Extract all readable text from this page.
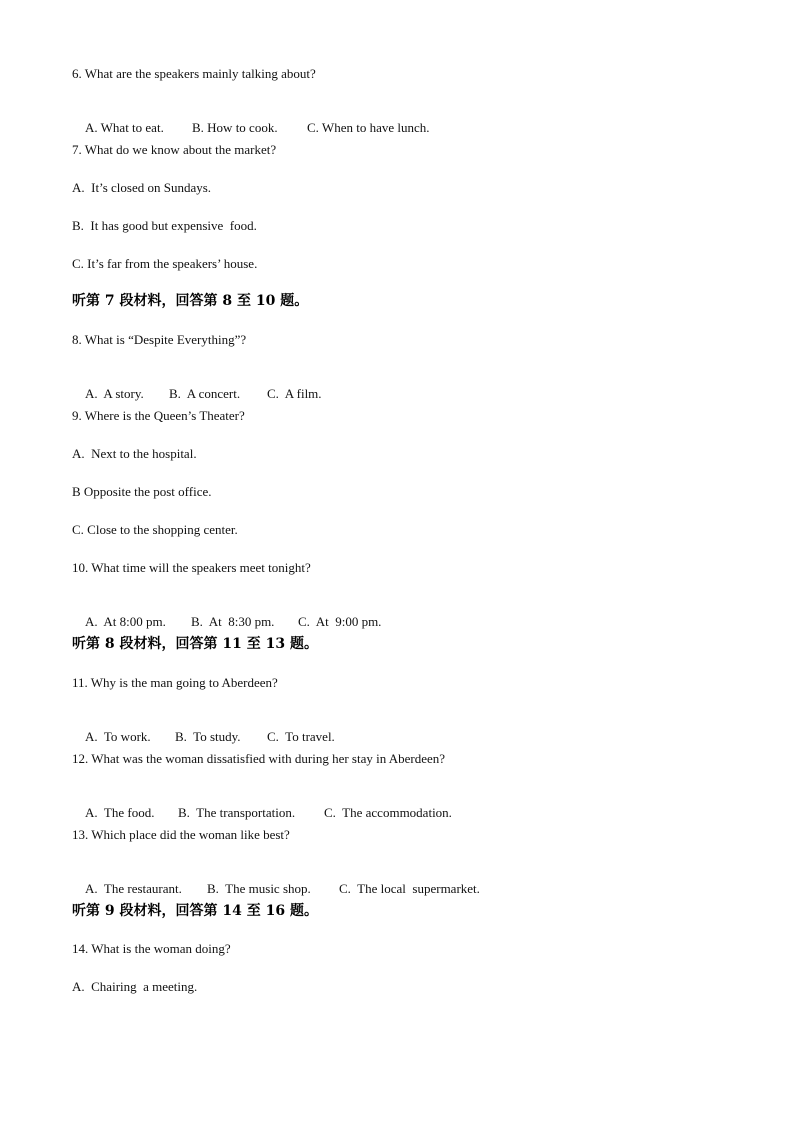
6. What are the speakers mainly talking about?

A. What to eat. B. How to cook. C. When to have lunch.

7. What do we know about the market?
A.  It’s closed on Sundays.
B.  It has good but expensive  food.
C. It’s far from the speakers’ house.
听第 7 段材料，回答第 8 至 10 题。
8. What is “Despite Everything”?

A.  A story. B.  A concert. C.  A film.

9. Where is the Queen’s Theater?
A.  Next to the hospital.
B Opposite the post office.
C. Close to the shopping center.
10. What time will the speakers meet tonight?

A.  At 8:00 pm. B.  At  8:30 pm. C.  At  9:00 pm.

听第 8 段材料，回答第 11 至 13 题。
11. Why is the man going to Aberdeen?

A.  To work. B.  To study. C.  To travel.

12. What was the woman dissatisfied with during her stay in Aberdeen?

A.  The food. B.  The transportation. C.  The accommodation.

13. Which place did the woman like best?

A.  The restaurant. B.  The music shop. C.  The local  supermarket.

听第 9 段材料，回答第 14 至 16 题。
14. What is the woman doing?
A.  Chairing  a meeting.
